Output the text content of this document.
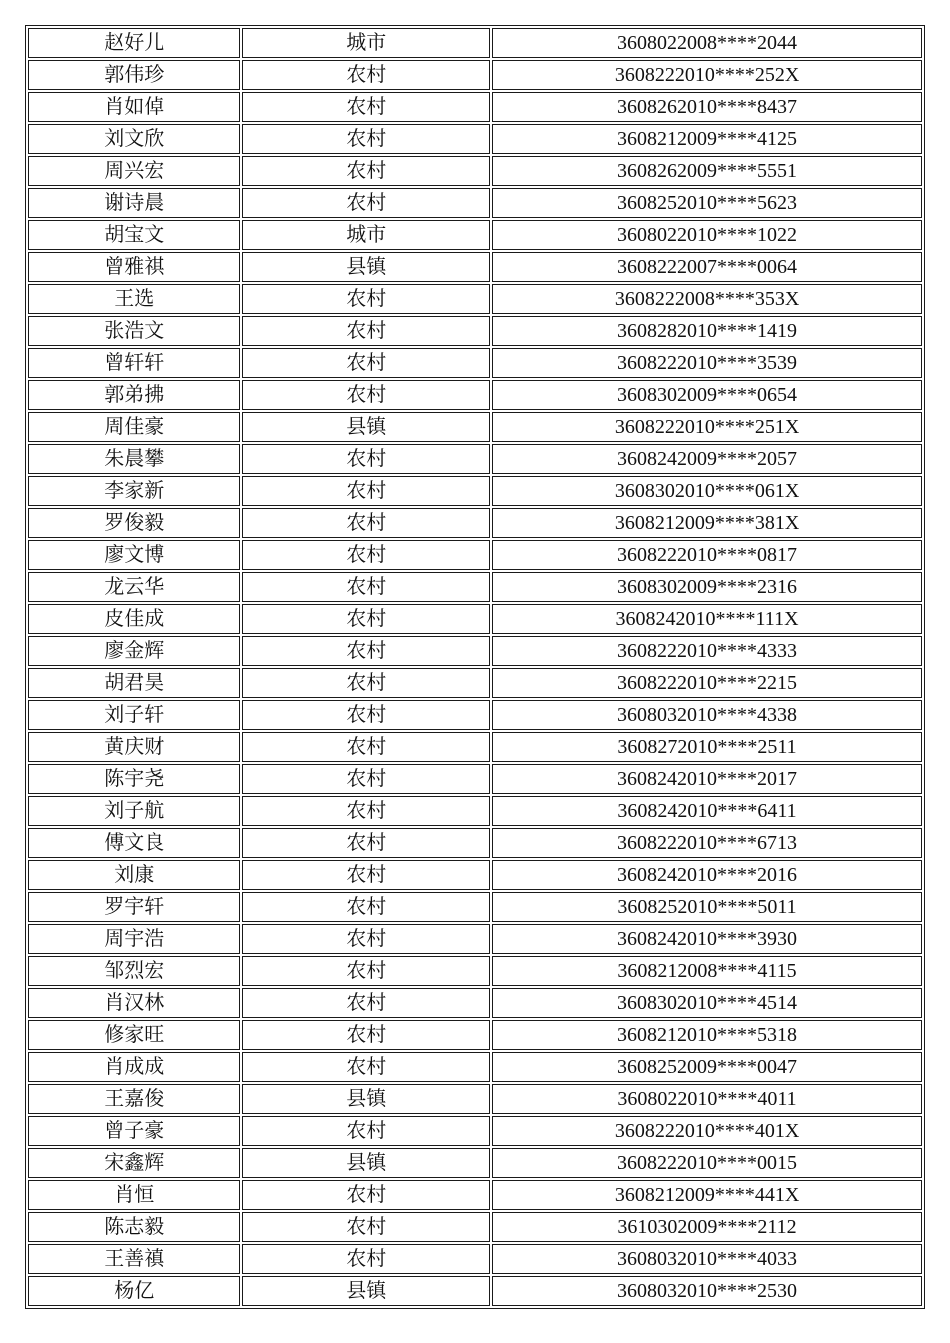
赵好儿	城市	3608022008****2044
郭伟珍	农村	3608222010****252X
肖如倬	农村	3608262010****8437
刘文欣	农村	3608212009****4125
周兴宏	农村	3608262009****5551
谢诗晨	农村	3608252010****5623
胡宝文	城市	3608022010****1022
曾雅祺	县镇	3608222007****0064
王选	农村	3608222008****353X
张浩文	农村	3608282010****1419
曾轩轩	农村	3608222010****3539
郭弟拂	农村	3608302009****0654
周佳豪	县镇	3608222010****251X
朱晨攀	农村	3608242009****2057
李家新	农村	3608302010****061X
罗俊毅	农村	3608212009****381X
廖文博	农村	3608222010****0817
龙云华	农村	3608302009****2316
皮佳成	农村	3608242010****111X
廖金辉	农村	3608222010****4333
胡君昊	农村	3608222010****2215
刘子轩	农村	3608032010****4338
黄庆财	农村	3608272010****2511
陈宇尧	农村	3608242010****2017
刘子航	农村	3608242010****6411
傅文良	农村	3608222010****6713
刘康	农村	3608242010****2016
罗宇轩	农村	3608252010****5011
周宇浩	农村	3608242010****3930
邹烈宏	农村	3608212008****4115
肖汉林	农村	3608302010****4514
修家旺	农村	3608212010****5318
肖成成	农村	3608252009****0047
王嘉俊	县镇	3608022010****4011
曾子豪	农村	3608222010****401X
宋鑫辉	县镇	3608222010****0015
肖恒	农村	3608212009****441X
陈志毅	农村	3610302009****2112
王善禛	农村	3608032010****4033
杨亿	县镇	3608032010****2530
